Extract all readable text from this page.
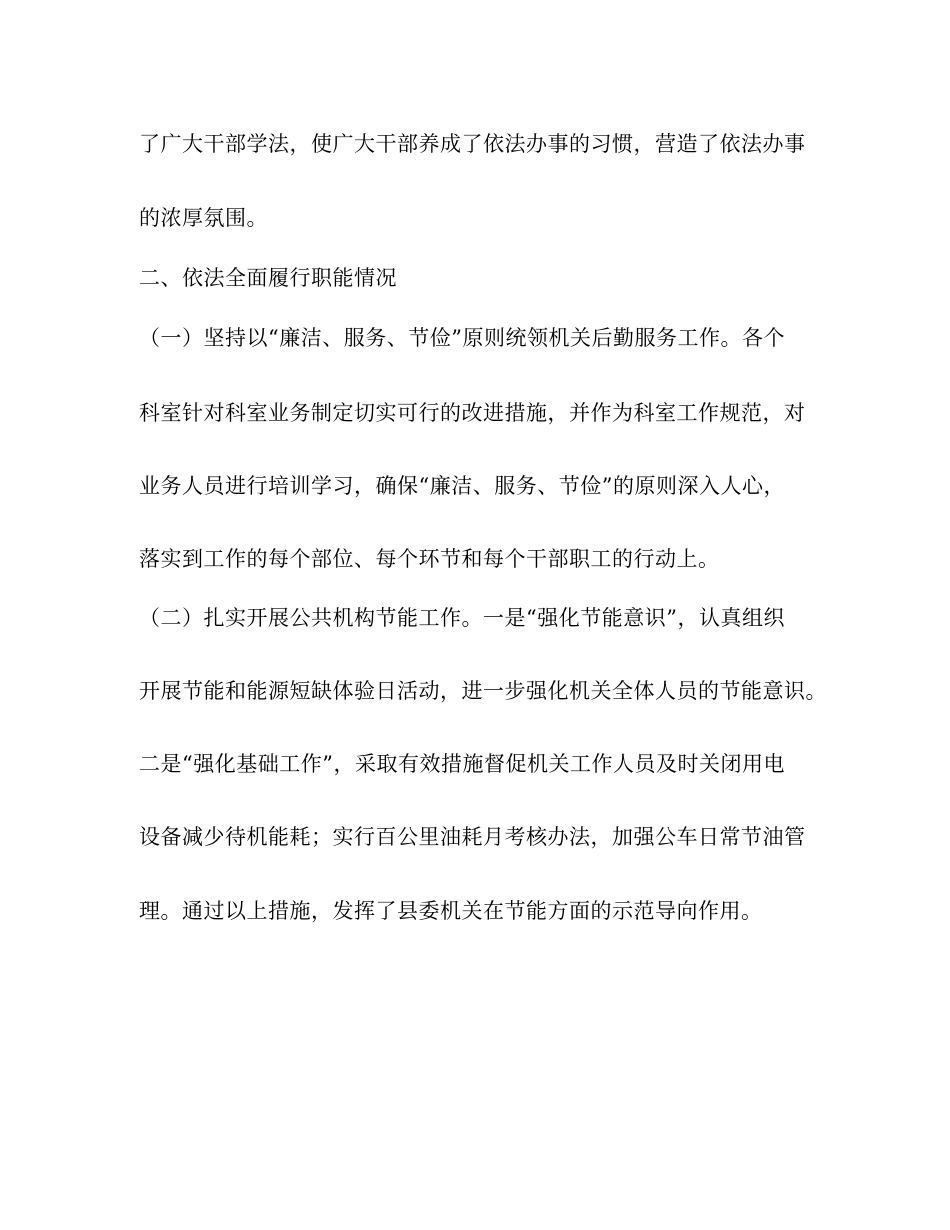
了广大干部学法，使广大干部养成了依法办事的习惯，营造了依法办事
的浓厚氛围。
二、依法全面履行职能情况
（一）坚持以“廉洁、服务、节俭”原则统领机关后勤服务工作。各个
科室针对科室业务制定切实可行的改进措施，并作为科室工作规范，对
业务人员进行培训学习，确保“廉洁、服务、节俭”的原则深入人心，
落实到工作的每个部位、每个环节和每个干部职工的行动上。
（二）扎实开展公共机构节能工作。一是“强化节能意识”，认真组织
开展节能和能源短缺体验日活动，进一步强化机关全体人员的节能意识。
二是“强化基础工作”，采取有效措施督促机关工作人员及时关闭用电
设备减少待机能耗；实行百公里油耗月考核办法，加强公车日常节油管
理。通过以上措施，发挥了县委机关在节能方面的示范导向作用。
